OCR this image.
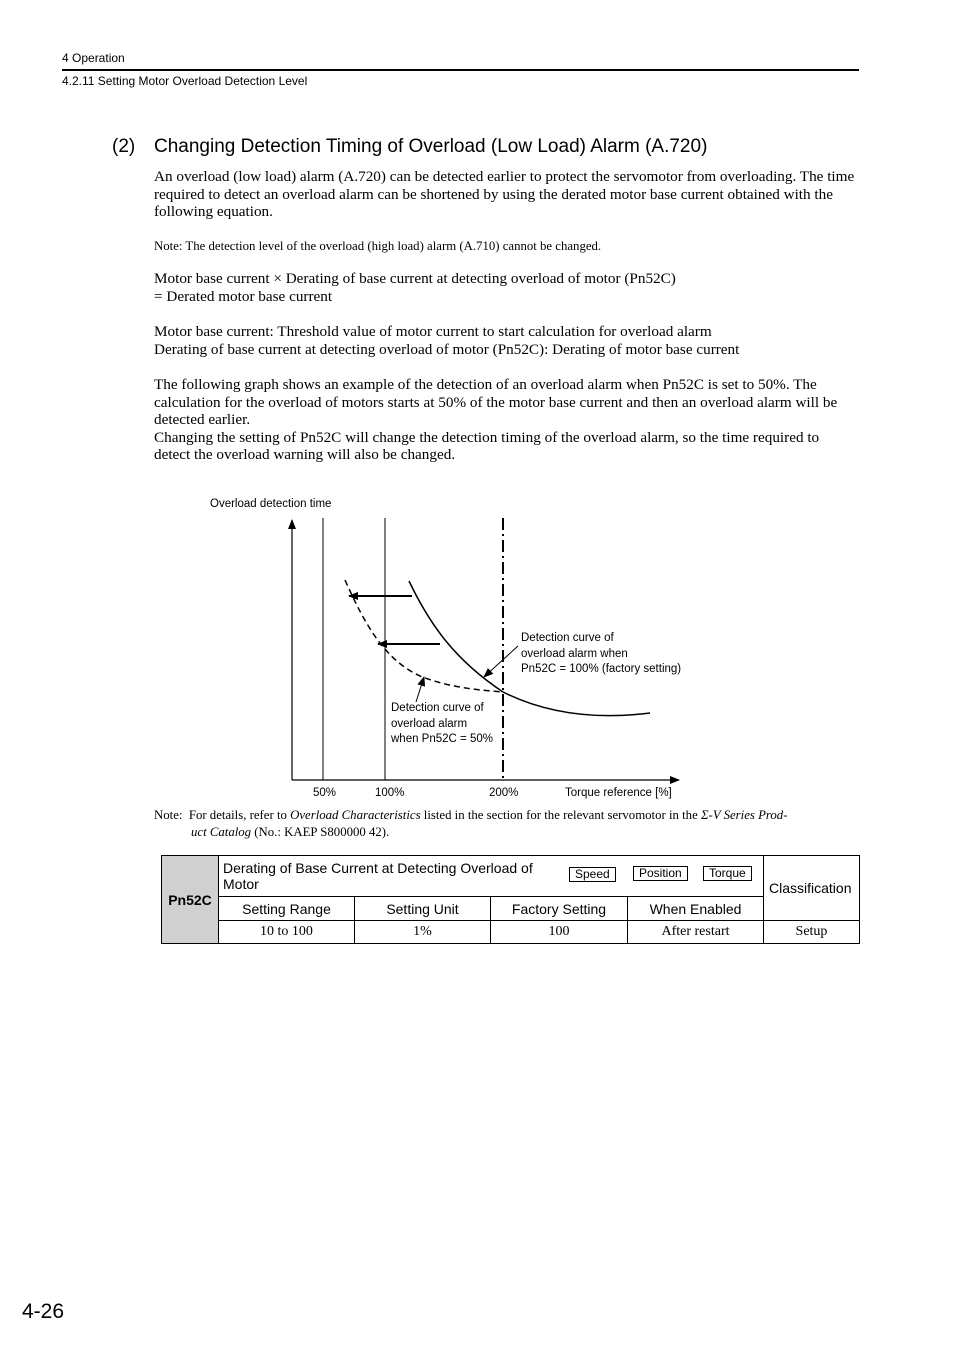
4 Operation
4.2.11 Setting Motor Overload Detection Level
(2) Changing Detection Timing of Overload (Low Load) Alarm (A.720)

An overload (low load) alarm (A.720) can be detected earlier to protect the servomotor from overloading. The time required to detect an overload alarm can be shortened by using the derated motor base current obtained with the following equation.

Note: The detection level of the overload (high load) alarm (A.710) cannot be changed.

Motor base current × Derating of base current at detecting overload of motor (Pn52C)

= Derated motor base current

Motor base current: Threshold value of motor current to start calculation for overload alarm

Derating of base current at detecting overload of motor (Pn52C): Derating of motor base current

The following graph shows an example of the detection of an overload alarm when Pn52C is set to 50%. The calculation for the overload of motors starts at 50% of the motor base current and then an overload alarm will be detected earlier.

Changing the setting of Pn52C will change the detection timing of the overload alarm, so the time required to detect the overload warning will also be changed.

Overload detection time
50%	100%	200%	Torque reference [%]
Detection curve of
overload alarm when
Pn52C = 100% (factory setting)
Detection curve of
overload alarm
when Pn52C = 50%
Note:  For details, refer to Overload Characteristics listed in the section for the relevant servomotor in the Σ-V Series Prod-
uct Catalog (No.: KAEP S800000 42).
Pn52C	Derating of Base Current at Detecting Overload of Motor
Speed Position Torque				Classification
	Setting Range	Setting Unit	Factory Setting	When Enabled	
	10 to 100	1%	100	After restart	Setup
4-26
